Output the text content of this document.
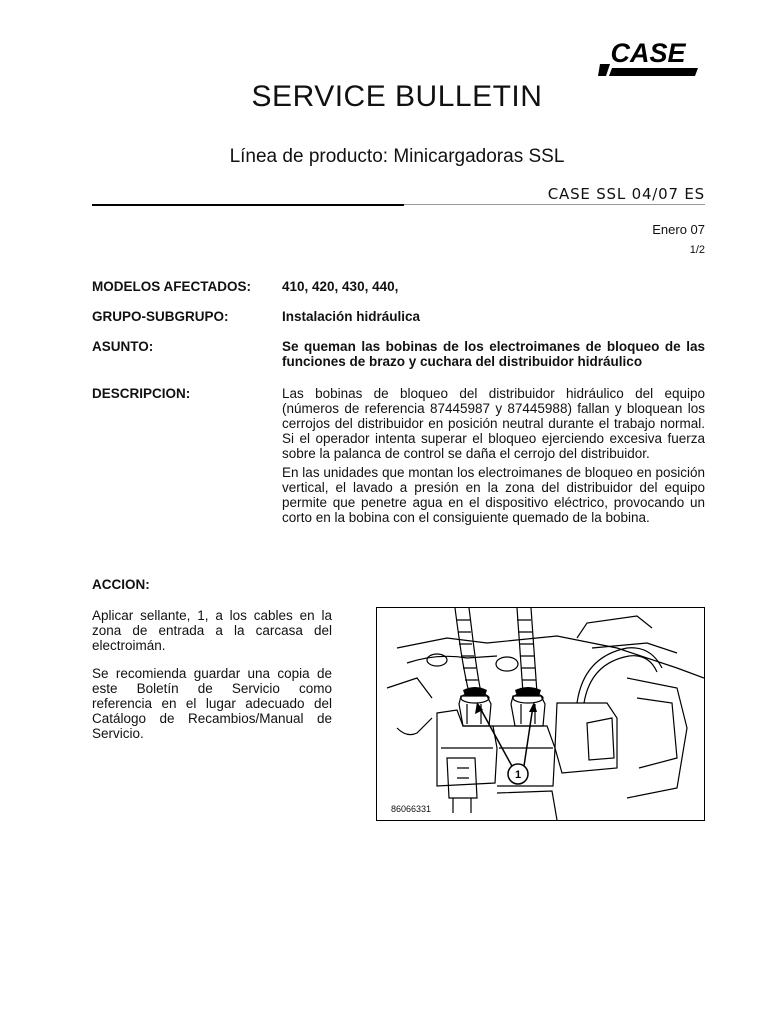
CASE
SERVICE BULLETIN
Línea de producto: Minicargadoras SSL
CASE SSL 04/07 ES
Enero 07
1/2
MODELOS AFECTADOS: 410, 420, 430, 440,
GRUPO-SUBGRUPO:	Instalación hidráulica
ASUNTO:	Se queman las bobinas de los electroimanes de bloqueo de las funciones de brazo y cuchara del distribuidor hidráulico
DESCRIPCION:	Las bobinas de bloqueo del distribuidor hidráulico del equipo (números de referencia 87445987 y 87445988) fallan y bloquean los cerrojos del distribuidor en posición neutral durante el trabajo normal. Si el operador intenta superar el bloqueo ejerciendo excesiva fuerza sobre la palanca de control se daña el cerrojo del distribuidor.

En las unidades que montan los electroimanes de bloqueo en posición vertical, el lavado a presión en la zona del distribuidor del equipo permite que penetre agua en el dispositivo eléctrico, provocando un corto en la bobina con el consiguiente quemado de la bobina.

ACCION:

Aplicar sellante, 1, a los cables en la zona de entrada a la carcasa del electroimán.

Se recomienda guardar una copia de este Boletín de Servicio como referencia en el lugar adecuado del Catálogo de Recambios/Manual de Servicio.

1
86066331
